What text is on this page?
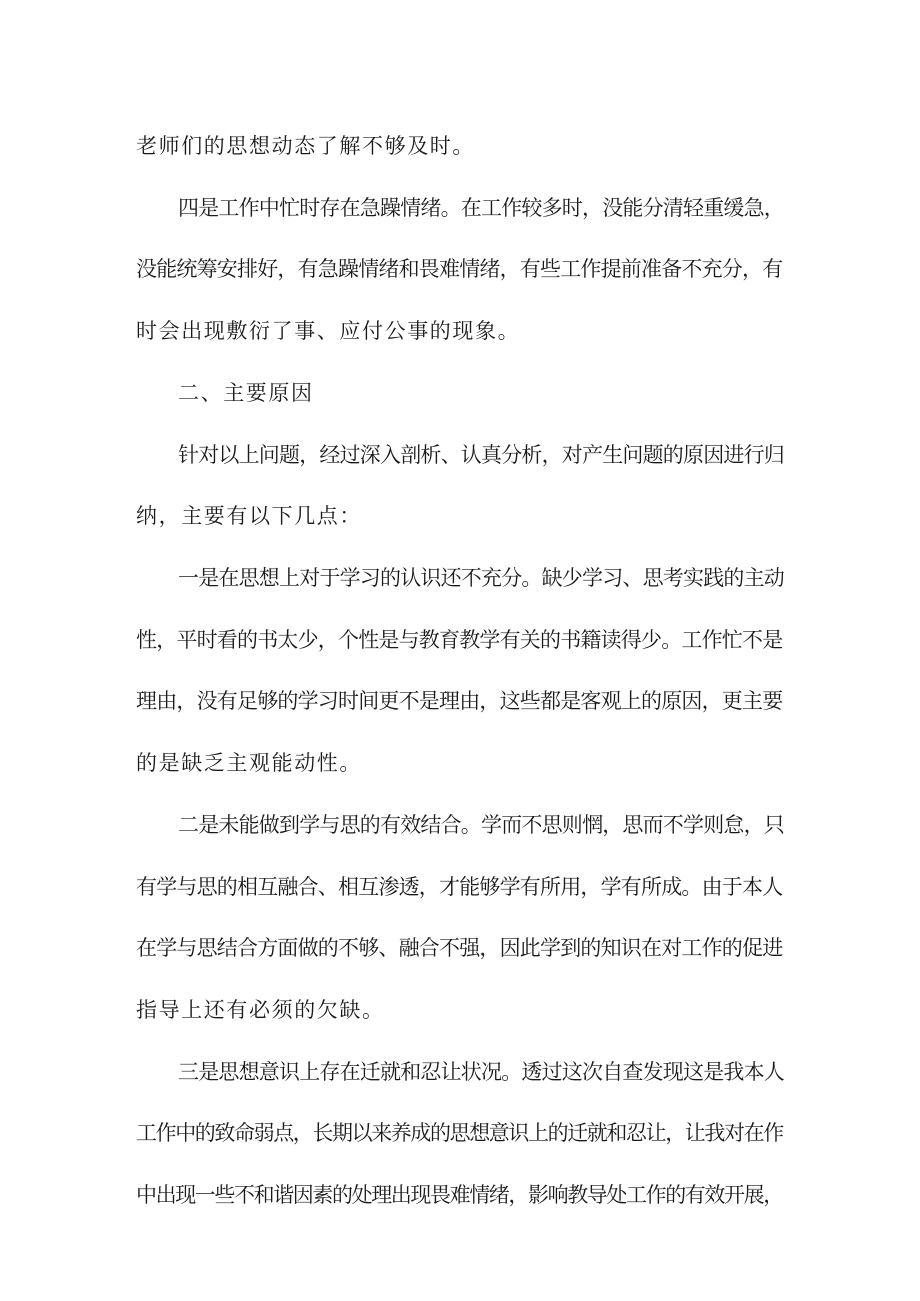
老师们的思想动态了解不够及时。

四是工作中忙时存在急躁情绪。在工作较多时，没能分清轻重缓急，

没能统筹安排好，有急躁情绪和畏难情绪，有些工作提前准备不充分，有

时会出现敷衍了事、应付公事的现象。

二、主要原因

针对以上问题，经过深入剖析、认真分析，对产生问题的原因进行归

纳，主要有以下几点：

一是在思想上对于学习的认识还不充分。缺少学习、思考实践的主动

性，平时看的书太少，个性是与教育教学有关的书籍读得少。工作忙不是

理由，没有足够的学习时间更不是理由，这些都是客观上的原因，更主要

的是缺乏主观能动性。

二是未能做到学与思的有效结合。学而不思则惘，思而不学则怠，只

有学与思的相互融合、相互渗透，才能够学有所用，学有所成。由于本人

在学与思结合方面做的不够、融合不强，因此学到的知识在对工作的促进

指导上还有必须的欠缺。

三是思想意识上存在迁就和忍让状况。透过这次自查发现这是我本人

工作中的致命弱点，长期以来养成的思想意识上的迁就和忍让，让我对在作

中出现一些不和谐因素的处理出现畏难情绪，影响教导处工作的有效开展，
